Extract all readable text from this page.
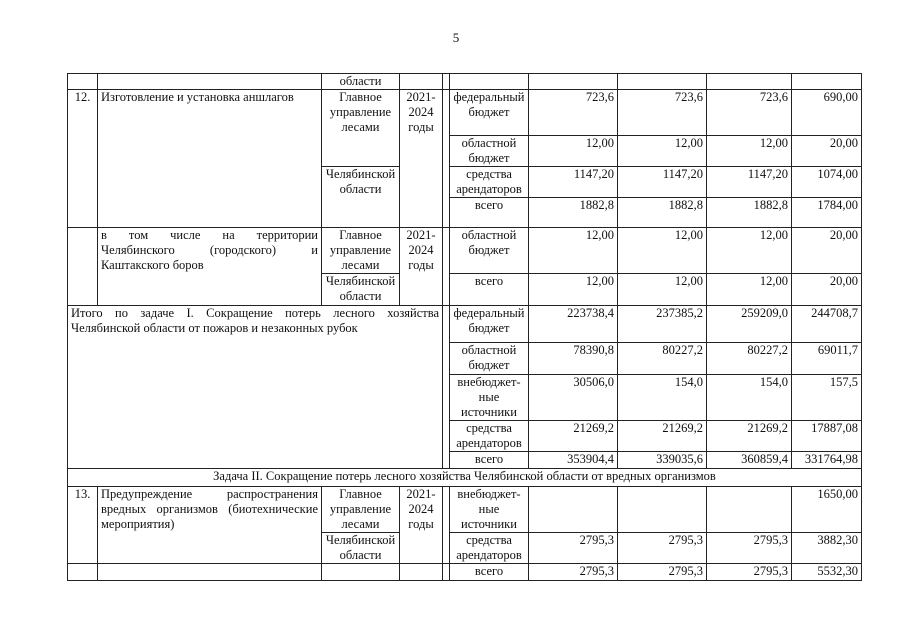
5
		области							
12.	Изготовление и установка аншлагов	Главное управление лесами	2021-2024 годы		федеральный бюджет	723,6	723,6	723,6	690,00
					областной бюджет	12,00	12,00	12,00	20,00
		Челябинской области			средства арендаторов	1147,20	1147,20	1147,20	1074,00
					всего	1882,8	1882,8	1882,8	1784,00
	в том числе на территории Челябинского (городского) и Каштакского боров	Главное управление лесами	2021-2024 годы		областной бюджет	12,00	12,00	12,00	20,00
		Челябинской области			всего	12,00	12,00	12,00	20,00
Итого по задаче I. Сокращение потерь лесного хозяйства Челябинской области от пожаров и незаконных рубок					федеральный бюджет	223738,4	237385,2	259209,0	244708,7
					областной бюджет	78390,8	80227,2	80227,2	69011,7
					внебюджет-ные источники	30506,0	154,0	154,0	157,5
					средства арендаторов	21269,2	21269,2	21269,2	17887,08
					всего	353904,4	339035,6	360859,4	331764,98
Задача II. Сокращение потерь лесного хозяйства Челябинской области от вредных организмов									
13.	Предупреждение распространения вредных организмов (биотехнические мероприятия)	Главное управление лесами	2021-2024 годы		внебюджет-ные источники				1650,00
		Челябинской области			средства арендаторов	2795,3	2795,3	2795,3	3882,30
					всего	2795,3	2795,3	2795,3	5532,30
